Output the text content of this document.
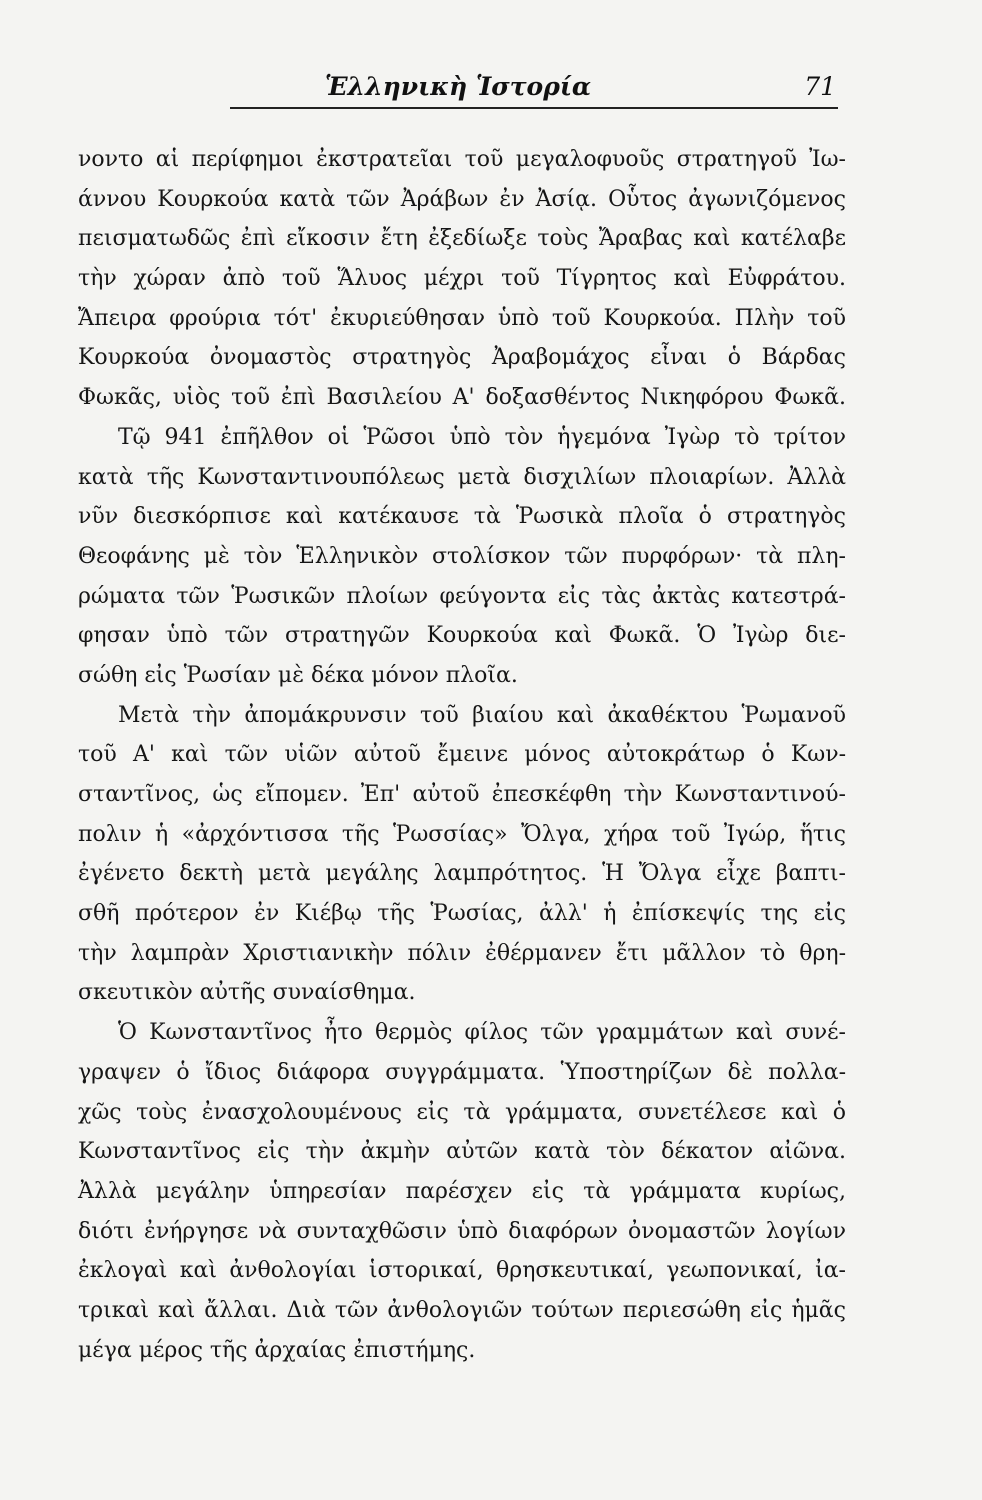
Ἑλληνικὴ Ἱστορία	71
νοντο αἱ περίφημοι ἐκστρατεῖαι τοῦ μεγαλοφυοῦς στρατηγοῦ Ἰω-
άννου Κουρκούα κατὰ τῶν Ἀράβων ἐν Ἀσίᾳ. Οὗτος ἀγωνιζόμενος
πεισματωδῶς ἐπὶ εἴκοσιν ἔτη ἐξεδίωξε τοὺς Ἄραβας καὶ κατέλαβε
τὴν χώραν ἀπὸ τοῦ Ἅλυος μέχρι τοῦ Τίγρητος καὶ Εὐφράτου.
Ἄπειρα φρούρια τότ' ἐκυριεύθησαν ὑπὸ τοῦ Κουρκούα. Πλὴν τοῦ
Κουρκούα ὀνομαστὸς στρατηγὸς Ἀραβομάχος εἶναι ὁ Βάρδας
Φωκᾶς, υἱὸς τοῦ ἐπὶ Βασιλείου Α' δοξασθέντος Νικηφόρου Φωκᾶ.
Τῷ 941 ἐπῆλθον οἱ Ῥῶσοι ὑπὸ τὸν ἡγεμόνα Ἰγὼρ τὸ τρίτον
κατὰ τῆς Κωνσταντινουπόλεως μετὰ δισχιλίων πλοιαρίων. Ἀλλὰ
νῦν διεσκόρπισε καὶ κατέκαυσε τὰ Ῥωσικὰ πλοῖα ὁ στρατηγὸς
Θεοφάνης μὲ τὸν Ἑλληνικὸν στολίσκον τῶν πυρφόρων· τὰ πλη-
ρώματα τῶν Ῥωσικῶν πλοίων φεύγοντα εἰς τὰς ἀκτὰς κατεστρά-
φησαν ὑπὸ τῶν στρατηγῶν Κουρκούα καὶ Φωκᾶ. Ὁ Ἰγὼρ διε-
σώθη εἰς Ῥωσίαν μὲ δέκα μόνον πλοῖα.
Μετὰ τὴν ἀπομάκρυνσιν τοῦ βιαίου καὶ ἀκαθέκτου Ῥωμανοῦ
τοῦ Α' καὶ τῶν υἱῶν αὐτοῦ ἔμεινε μόνος αὐτοκράτωρ ὁ Κων-
σταντῖνος, ὡς εἴπομεν. Ἐπ' αὐτοῦ ἐπεσκέφθη τὴν Κωνσταντινού-
πολιν ἡ «ἀρχόντισσα τῆς Ῥωσσίας» Ὄλγα, χήρα τοῦ Ἰγώρ, ἥτις
ἐγένετο δεκτὴ μετὰ μεγάλης λαμπρότητος. Ἡ Ὄλγα εἶχε βαπτι-
σθῆ πρότερον ἐν Κιέβῳ τῆς Ῥωσίας, ἀλλ' ἡ ἐπίσκεψίς της εἰς
τὴν λαμπρὰν Χριστιανικὴν πόλιν ἐθέρμανεν ἔτι μᾶλλον τὸ θρη-
σκευτικὸν αὐτῆς συναίσθημα.
Ὁ Κωνσταντῖνος ἦτο θερμὸς φίλος τῶν γραμμάτων καὶ συνέ-
γραψεν ὁ ἴδιος διάφορα συγγράμματα. Ὑποστηρίζων δὲ πολλα-
χῶς τοὺς ἐνασχολουμένους εἰς τὰ γράμματα, συνετέλεσε καὶ ὁ
Κωνσταντῖνος εἰς τὴν ἀκμὴν αὐτῶν κατὰ τὸν δέκατον αἰῶνα.
Ἀλλὰ μεγάλην ὑπηρεσίαν παρέσχεν εἰς τὰ γράμματα κυρίως,
διότι ἐνήργησε νὰ συνταχθῶσιν ὑπὸ διαφόρων ὀνομαστῶν λογίων
ἐκλογαὶ καὶ ἀνθολογίαι ἱστορικαί, θρησκευτικαί, γεωπονικαί, ἰα-
τρικαὶ καὶ ἄλλαι. Διὰ τῶν ἀνθολογιῶν τούτων περιεσώθη εἰς ἡμᾶς
μέγα μέρος τῆς ἀρχαίας ἐπιστήμης.
